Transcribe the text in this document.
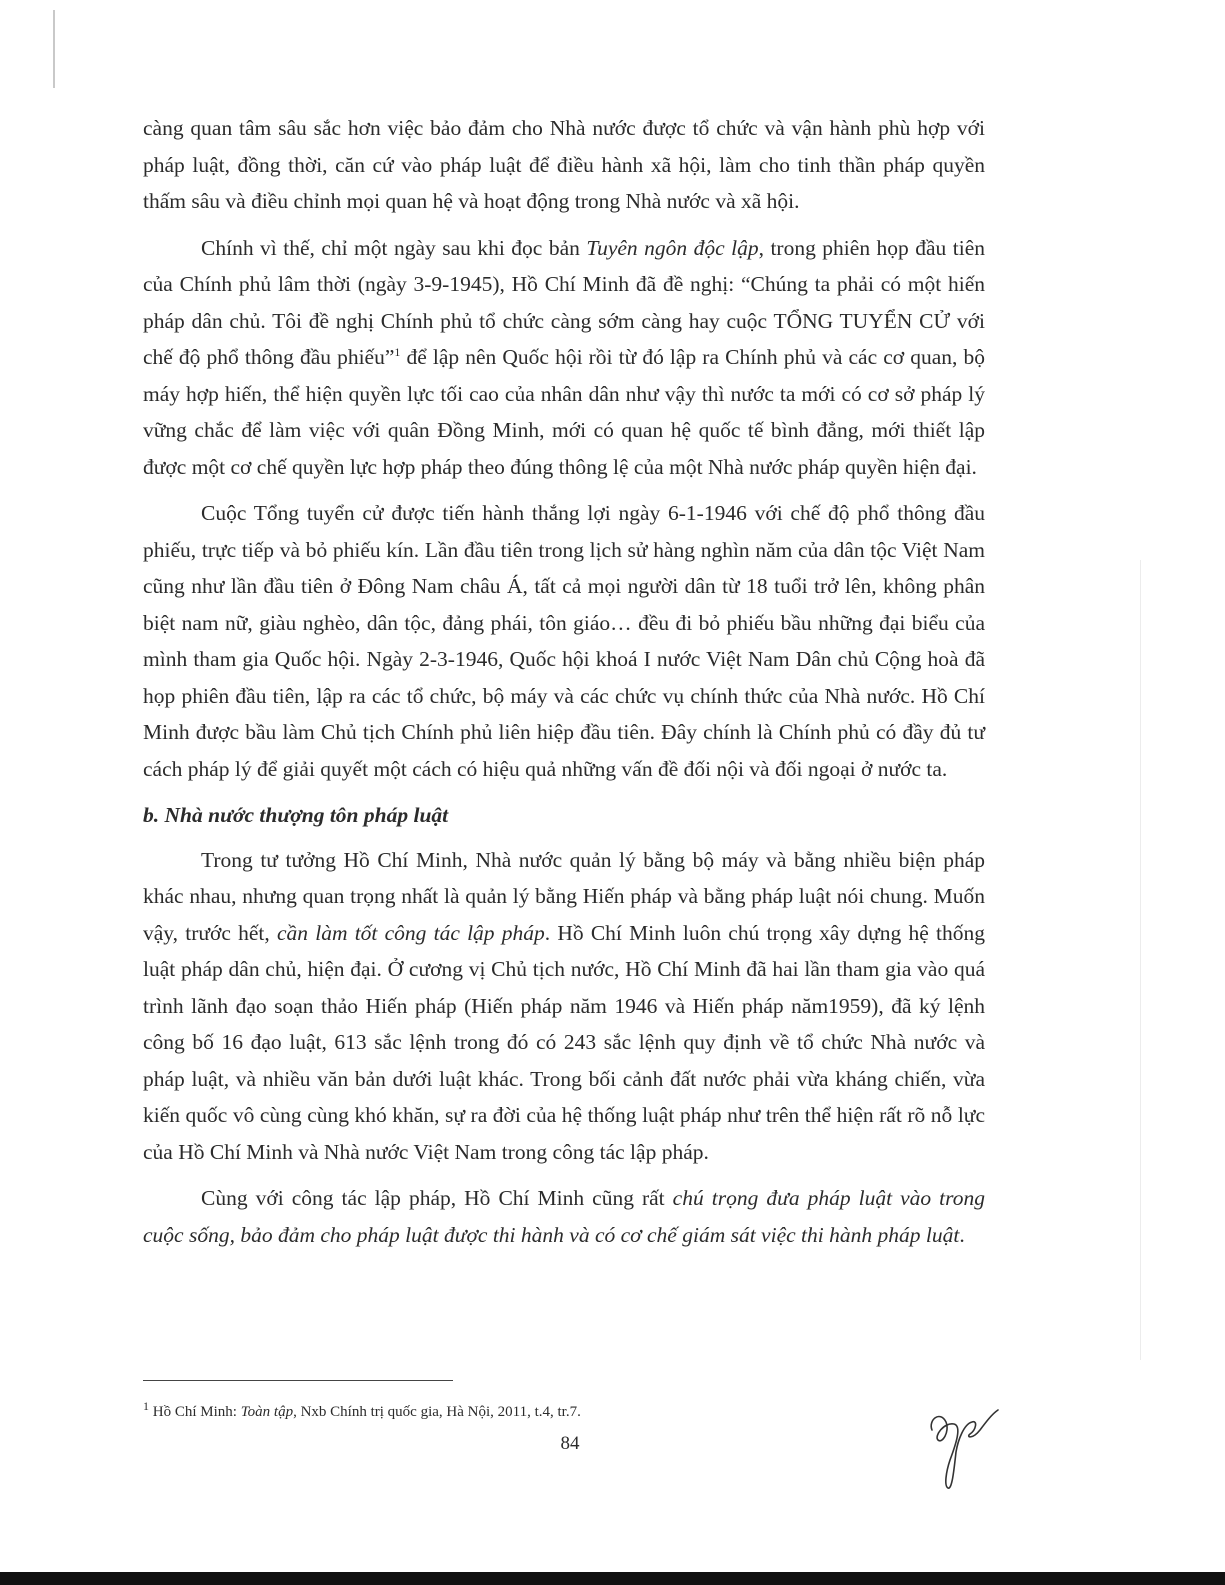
càng quan tâm sâu sắc hơn việc bảo đảm cho Nhà nước được tổ chức và vận hành phù hợp với pháp luật, đồng thời, căn cứ vào pháp luật để điều hành xã hội, làm cho tinh thần pháp quyền thấm sâu và điều chỉnh mọi quan hệ và hoạt động trong Nhà nước và xã hội.

Chính vì thế, chỉ một ngày sau khi đọc bản Tuyên ngôn độc lập, trong phiên họp đầu tiên của Chính phủ lâm thời (ngày 3-9-1945), Hồ Chí Minh đã đề nghị: “Chúng ta phải có một hiến pháp dân chủ. Tôi đề nghị Chính phủ tổ chức càng sớm càng hay cuộc TỔNG TUYỂN CỬ với chế độ phổ thông đầu phiếu”$^1$ để lập nên Quốc hội rồi từ đó lập ra Chính phủ và các cơ quan, bộ máy hợp hiến, thể hiện quyền lực tối cao của nhân dân như vậy thì nước ta mới có cơ sở pháp lý vững chắc để làm việc với quân Đồng Minh, mới có quan hệ quốc tế bình đẳng, mới thiết lập được một cơ chế quyền lực hợp pháp theo đúng thông lệ của một Nhà nước pháp quyền hiện đại.

Cuộc Tổng tuyển cử được tiến hành thắng lợi ngày 6-1-1946 với chế độ phổ thông đầu phiếu, trực tiếp và bỏ phiếu kín. Lần đầu tiên trong lịch sử hàng nghìn năm của dân tộc Việt Nam cũng như lần đầu tiên ở Đông Nam châu Á, tất cả mọi người dân từ 18 tuổi trở lên, không phân biệt nam nữ, giàu nghèo, dân tộc, đảng phái, tôn giáo… đều đi bỏ phiếu bầu những đại biểu của mình tham gia Quốc hội. Ngày 2-3-1946, Quốc hội khoá I nước Việt Nam Dân chủ Cộng hoà đã họp phiên đầu tiên, lập ra các tổ chức, bộ máy và các chức vụ chính thức của Nhà nước. Hồ Chí Minh được bầu làm Chủ tịch Chính phủ liên hiệp đầu tiên. Đây chính là Chính phủ có đầy đủ tư cách pháp lý để giải quyết một cách có hiệu quả những vấn đề đối nội và đối ngoại ở nước ta.

b. Nhà nước thượng tôn pháp luật

Trong tư tưởng Hồ Chí Minh, Nhà nước quản lý bằng bộ máy và bằng nhiều biện pháp khác nhau, nhưng quan trọng nhất là quản lý bằng Hiến pháp và bằng pháp luật nói chung. Muốn vậy, trước hết, cần làm tốt công tác lập pháp. Hồ Chí Minh luôn chú trọng xây dựng hệ thống luật pháp dân chủ, hiện đại. Ở cương vị Chủ tịch nước, Hồ Chí Minh đã hai lần tham gia vào quá trình lãnh đạo soạn thảo Hiến pháp (Hiến pháp năm 1946 và Hiến pháp năm1959), đã ký lệnh công bố 16 đạo luật, 613 sắc lệnh trong đó có 243 sắc lệnh quy định về tổ chức Nhà nước và pháp luật, và nhiều văn bản dưới luật khác. Trong bối cảnh đất nước phải vừa kháng chiến, vừa kiến quốc vô cùng cùng khó khăn, sự ra đời của hệ thống luật pháp như trên thể hiện rất rõ nỗ lực của Hồ Chí Minh và Nhà nước Việt Nam trong công tác lập pháp.

Cùng với công tác lập pháp, Hồ Chí Minh cũng rất chú trọng đưa pháp luật vào trong cuộc sống, bảo đảm cho pháp luật được thi hành và có cơ chế giám sát việc thi hành pháp luật.

$^1$ Hồ Chí Minh: Toàn tập, Nxb Chính trị quốc gia, Hà Nội, 2011, t.4, tr.7.

84
